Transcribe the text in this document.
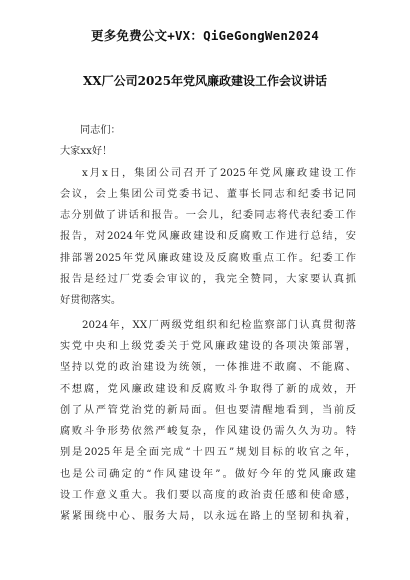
更多免费公文+VX：QiGeGongWen2024
XX厂公司2025年党风廉政建设工作会议讲话
同志们：
大家xx好！
x月x日，集团公司召开了2025年党风廉政建设工作
会议，会上集团公司党委书记、董事长同志和纪委书记同
志分别做了讲话和报告。一会儿，纪委同志将代表纪委工作
报告，对2024年党风廉政建设和反腐败工作进行总结，安
排部署2025年党风廉政建设及反腐败重点工作。纪委工作
报告是经过厂党委会审议的，我完全赞同，大家要认真抓
好贯彻落实。
2024年，XX厂两级党组织和纪检监察部门认真贯彻落
实党中央和上级党委关于党风廉政建设的各项决策部署，
坚持以党的政治建设为统领，一体推进不敢腐、不能腐、
不想腐，党风廉政建设和反腐败斗争取得了新的成效，开
创了从严管党治党的新局面。但也要清醒地看到，当前反
腐败斗争形势依然严峻复杂，作风建设仍需久久为功。特
别是2025年是全面完成“十四五”规划目标的收官之年，
也是公司确定的“作风建设年”。做好今年的党风廉政建
设工作意义重大。我们要以高度的政治责任感和使命感，
紧紧围绕中心、服务大局，以永远在路上的坚韧和执着，
